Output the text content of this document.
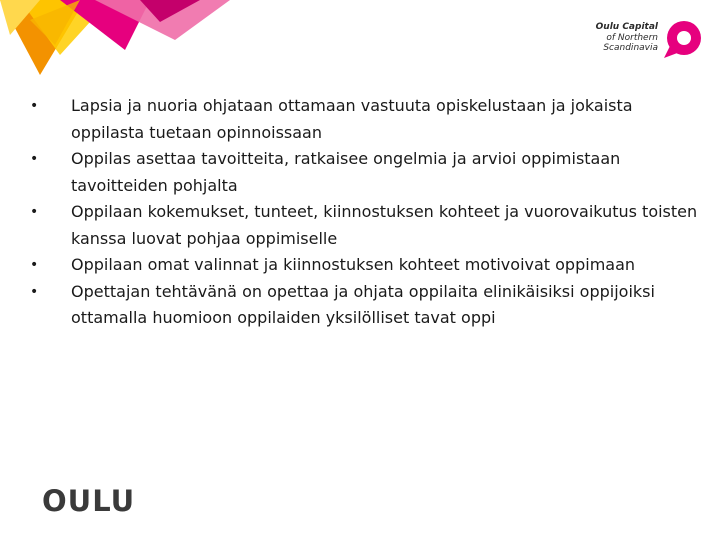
Oulu Capital
of Northern
Scandinavia
•	Lapsia ja nuoria ohjataan ottamaan vastuuta opiskelustaan ja jokaista oppilasta tuetaan opinnoissaan
•	Oppilas asettaa tavoitteita, ratkaisee ongelmia ja arvioi oppimistaan tavoitteiden pohjalta
•	Oppilaan kokemukset, tunteet, kiinnostuksen kohteet ja vuorovaikutus toisten kanssa luovat pohjaa oppimiselle
•	Oppilaan omat valinnat ja kiinnostuksen kohteet motivoivat oppimaan
•	Opettajan tehtävänä on opettaa ja ohjata oppilaita elinikäisiksi oppijoiksi ottamalla huomioon oppilaiden yksilölliset tavat oppi
OULU
